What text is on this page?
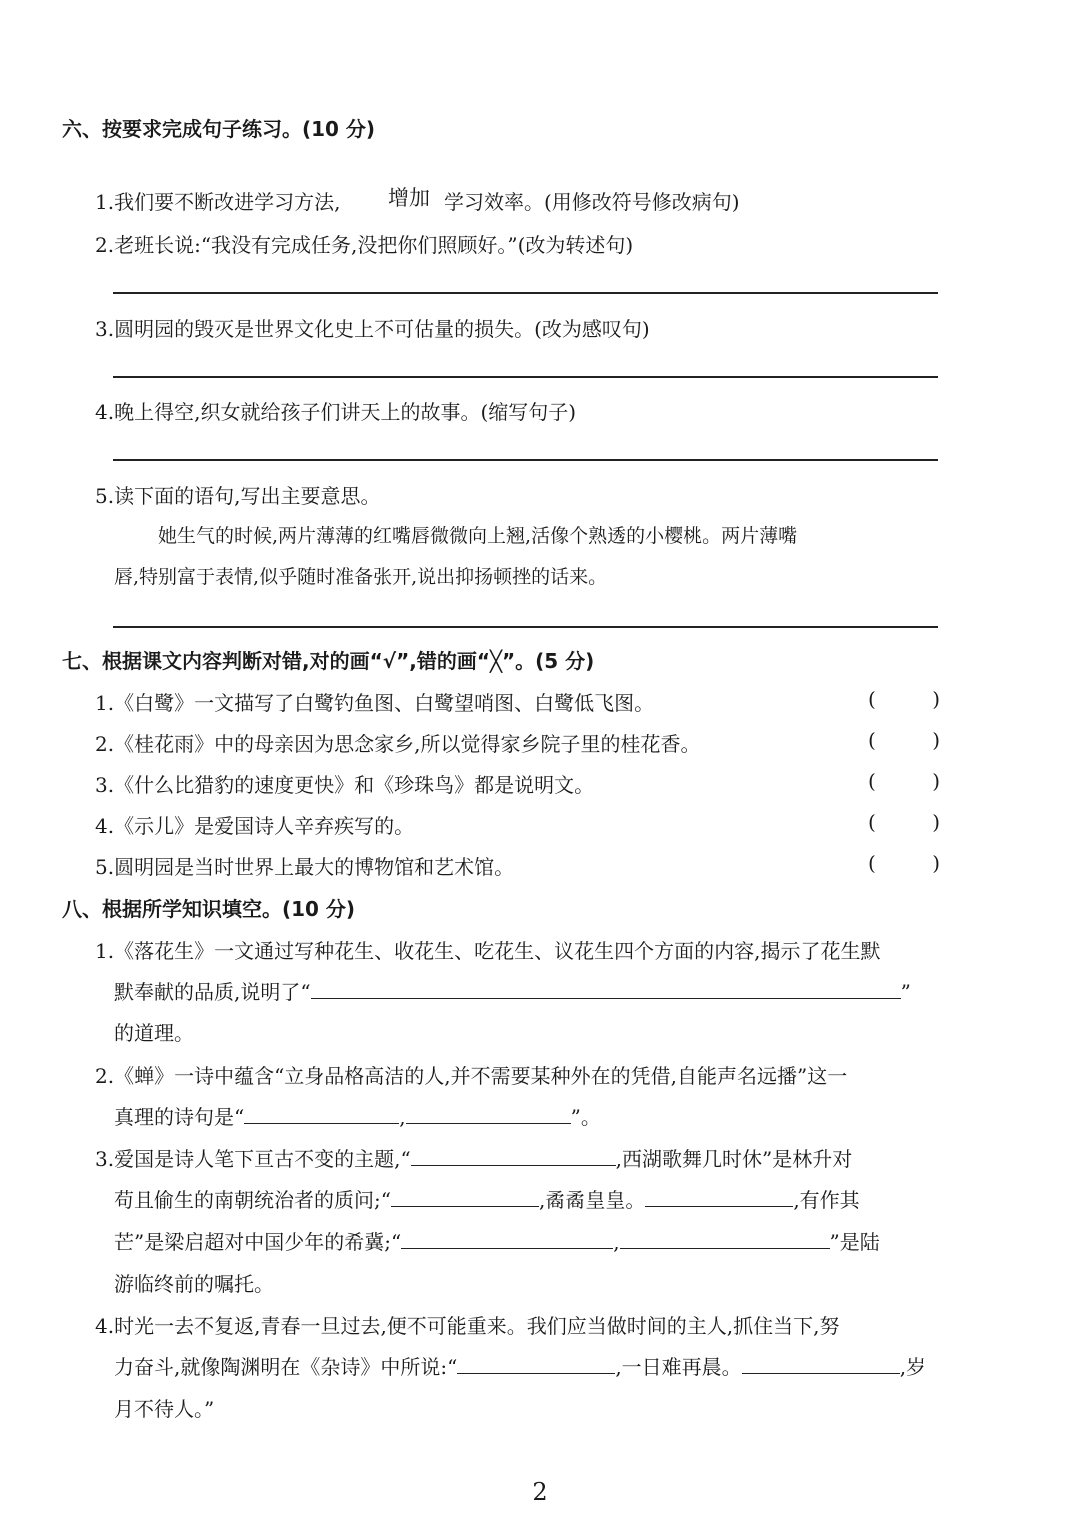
六、按要求完成句子练习。(10 分)
1.我们要不断改进学习方法, 增加 学习效率。(用修改符号修改病句)
2.老班长说:“我没有完成任务,没把你们照顾好。”(改为转述句)
3.圆明园的毁灭是世界文化史上不可估量的损失。(改为感叹句)
4.晚上得空,织女就给孩子们讲天上的故事。(缩写句子)
5.读下面的语句,写出主要意思。
她生气的时候,两片薄薄的红嘴唇微微向上翘,活像个熟透的小樱桃。两片薄嘴
唇,特别富于表情,似乎随时准备张开,说出抑扬顿挫的话来。
七、根据课文内容判断对错,对的画“√”,错的画“╳”。(5 分)
1.《白鹭》一文描写了白鹭钓鱼图、白鹭望哨图、白鹭低飞图。	(	)
2.《桂花雨》中的母亲因为思念家乡,所以觉得家乡院子里的桂花香。	(	)
3.《什么比猎豹的速度更快》和《珍珠鸟》都是说明文。	(	)
4.《示儿》是爱国诗人辛弃疾写的。	(	)
5.圆明园是当时世界上最大的博物馆和艺术馆。	(	)
八、根据所学知识填空。(10 分)
1.《落花生》一文通过写种花生、收花生、吃花生、议花生四个方面的内容,揭示了花生默
默奉献的品质,说明了“	”
的道理。
2.《蝉》一诗中蕴含“立身品格高洁的人,并不需要某种外在的凭借,自能声名远播”这一
真理的诗句是“	,	”。
3.爱国是诗人笔下亘古不变的主题,“	,西湖歌舞几时休”是林升对
苟且偷生的南朝统治者的质问;“	,矞矞皇皇。	,有作其
芒”是梁启超对中国少年的希冀;“	,	”是陆
游临终前的嘱托。
4.时光一去不复返,青春一旦过去,便不可能重来。我们应当做时间的主人,抓住当下,努
力奋斗,就像陶渊明在《杂诗》中所说:“	,一日难再晨。	,岁
月不待人。”
2
